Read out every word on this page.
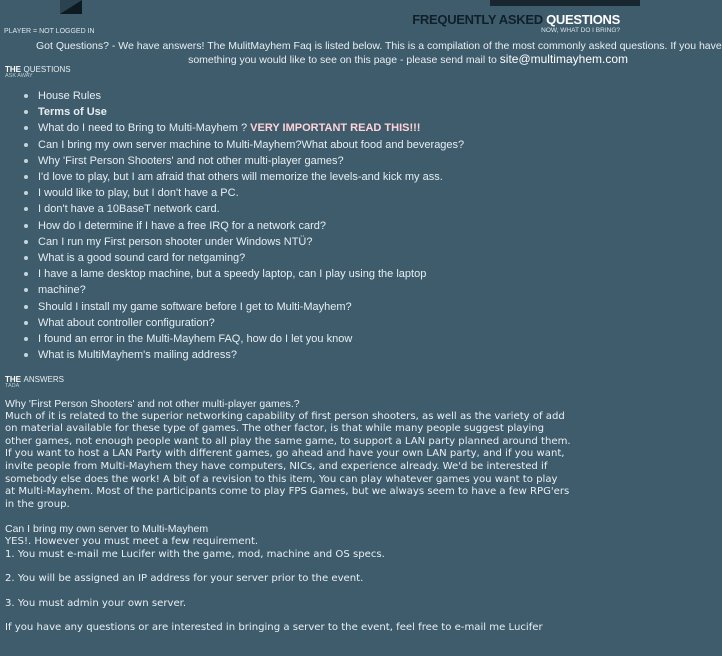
FREQUENTLY ASKED QUESTIONS
NOW, WHAT DO I BRING?
PLAYER = NOT LOGGED IN
Got Questions? - We have answers! The MulitMayhem Faq is listed below. This is a compilation of the most commonly asked questions. If you have
something you would like to see on this page - please send mail to site@multimayhem.com
THE QUESTIONS
ASK AWAY
House Rules
Terms of Use
What do I need to Bring to Multi-Mayhem ? VERY IMPORTANT READ THIS!!!
Can I bring my own server machine to Multi-Mayhem?What about food and beverages?
Why 'First Person Shooters' and not other multi-player games?
I'd love to play, but I am afraid that others will memorize the levels-and kick my ass.
I would like to play, but I don't have a PC.
I don't have a 10BaseT network card.
How do I determine if I have a free IRQ for a network card?
Can I run my First person shooter under Windows NTÜ?
What is a good sound card for netgaming?
I have a lame desktop machine, but a speedy laptop, can I play using the laptop
machine?
Should I install my game software before I get to Multi-Mayhem?
What about controller configuration?
I found an error in the Multi-Mayhem FAQ, how do I let you know
What is MultiMayhem's mailing address?
THE ANSWERS
TADA

Why 'First Person Shooters' and not other multi-player games.?

Much of it is related to the superior networking capability of first person shooters, as well as the variety of add

on material available for these type of games. The other factor, is that while many people suggest playing

other games, not enough people want to all play the same game, to support a LAN party planned around them.

If you want to host a LAN Party with different games, go ahead and have your own LAN party, and if you want,

invite people from Multi-Mayhem they have computers, NICs, and experience already. We'd be interested if

somebody else does the work! A bit of a revision to this item, You can play whatever games you want to play

at Multi-Mayhem. Most of the participants come to play FPS Games, but we always seem to have a few RPG'ers

in the group.

Can I bring my own server to Multi-Mayhem

YES!. However you must meet a few requirement.

1. You must e-mail me Lucifer with the game, mod, machine and OS specs.

2. You will be assigned an IP address for your server prior to the event.

3. You must admin your own server.

If you have any questions or are interested in bringing a server to the event, feel free to e-mail me Lucifer
